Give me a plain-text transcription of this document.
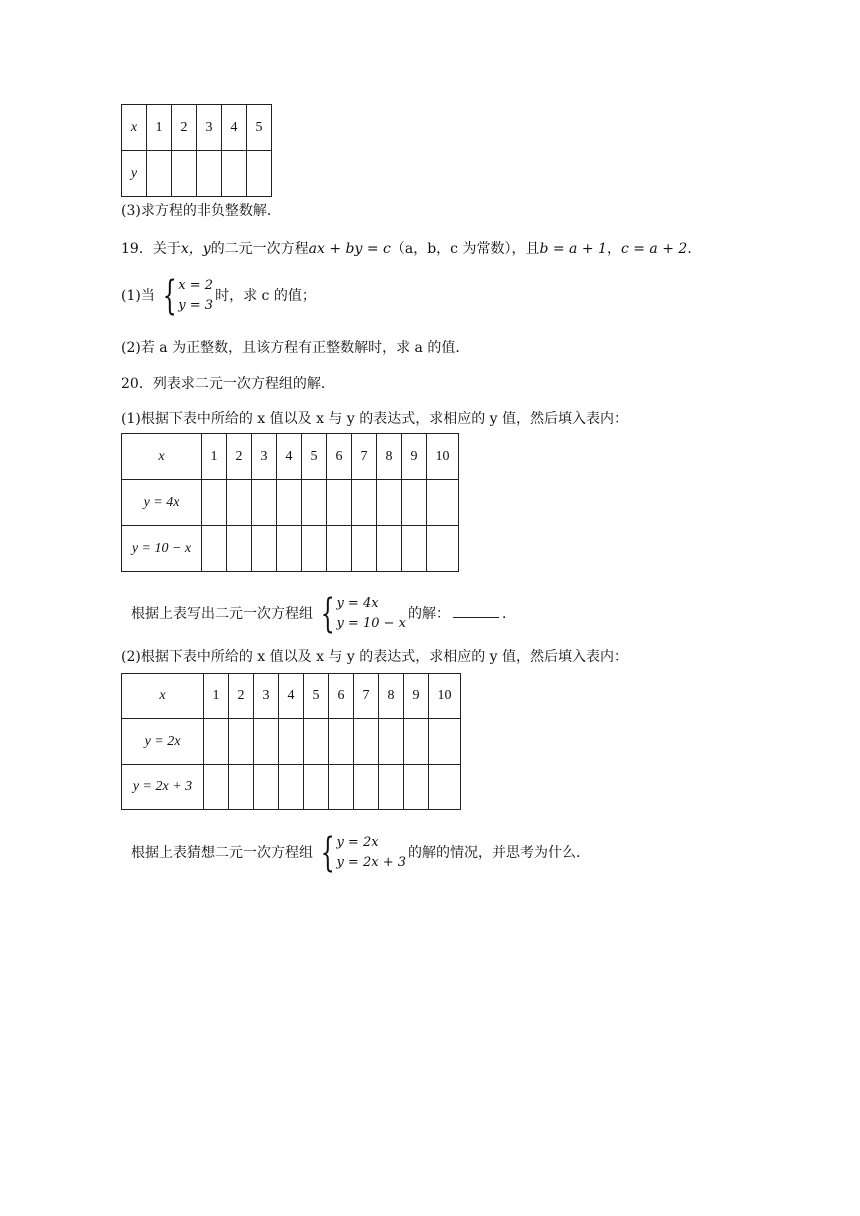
x	1	2	3	4	5
y					
(3)求方程的非负整数解．
19．关于x，y的二元一次方程ax + by = c（a，b，c 为常数），且b = a + 1，c = a + 2．
(1)当 { x = 2
y = 3
时，求 c 的值；
(2)若 a 为正整数，且该方程有正整数解时，求 a 的值．
20．列表求二元一次方程组的解．
(1)根据下表中所给的 x 值以及 x 与 y 的表达式，求相应的 y 值，然后填入表内：
x	1	2	3	4	5	6	7	8	9	10
y = 4x										
y = 10 − x										
根据上表写出二元一次方程组 { y = 4x
y = 10 − x
的解：	．
(2)根据下表中所给的 x 值以及 x 与 y 的表达式，求相应的 y 值，然后填入表内：
x	1	2	3	4	5	6	7	8	9	10
y = 2x										
y = 2x + 3										
根据上表猜想二元一次方程组 { y = 2x
y = 2x + 3
的解的情况，并思考为什么．
